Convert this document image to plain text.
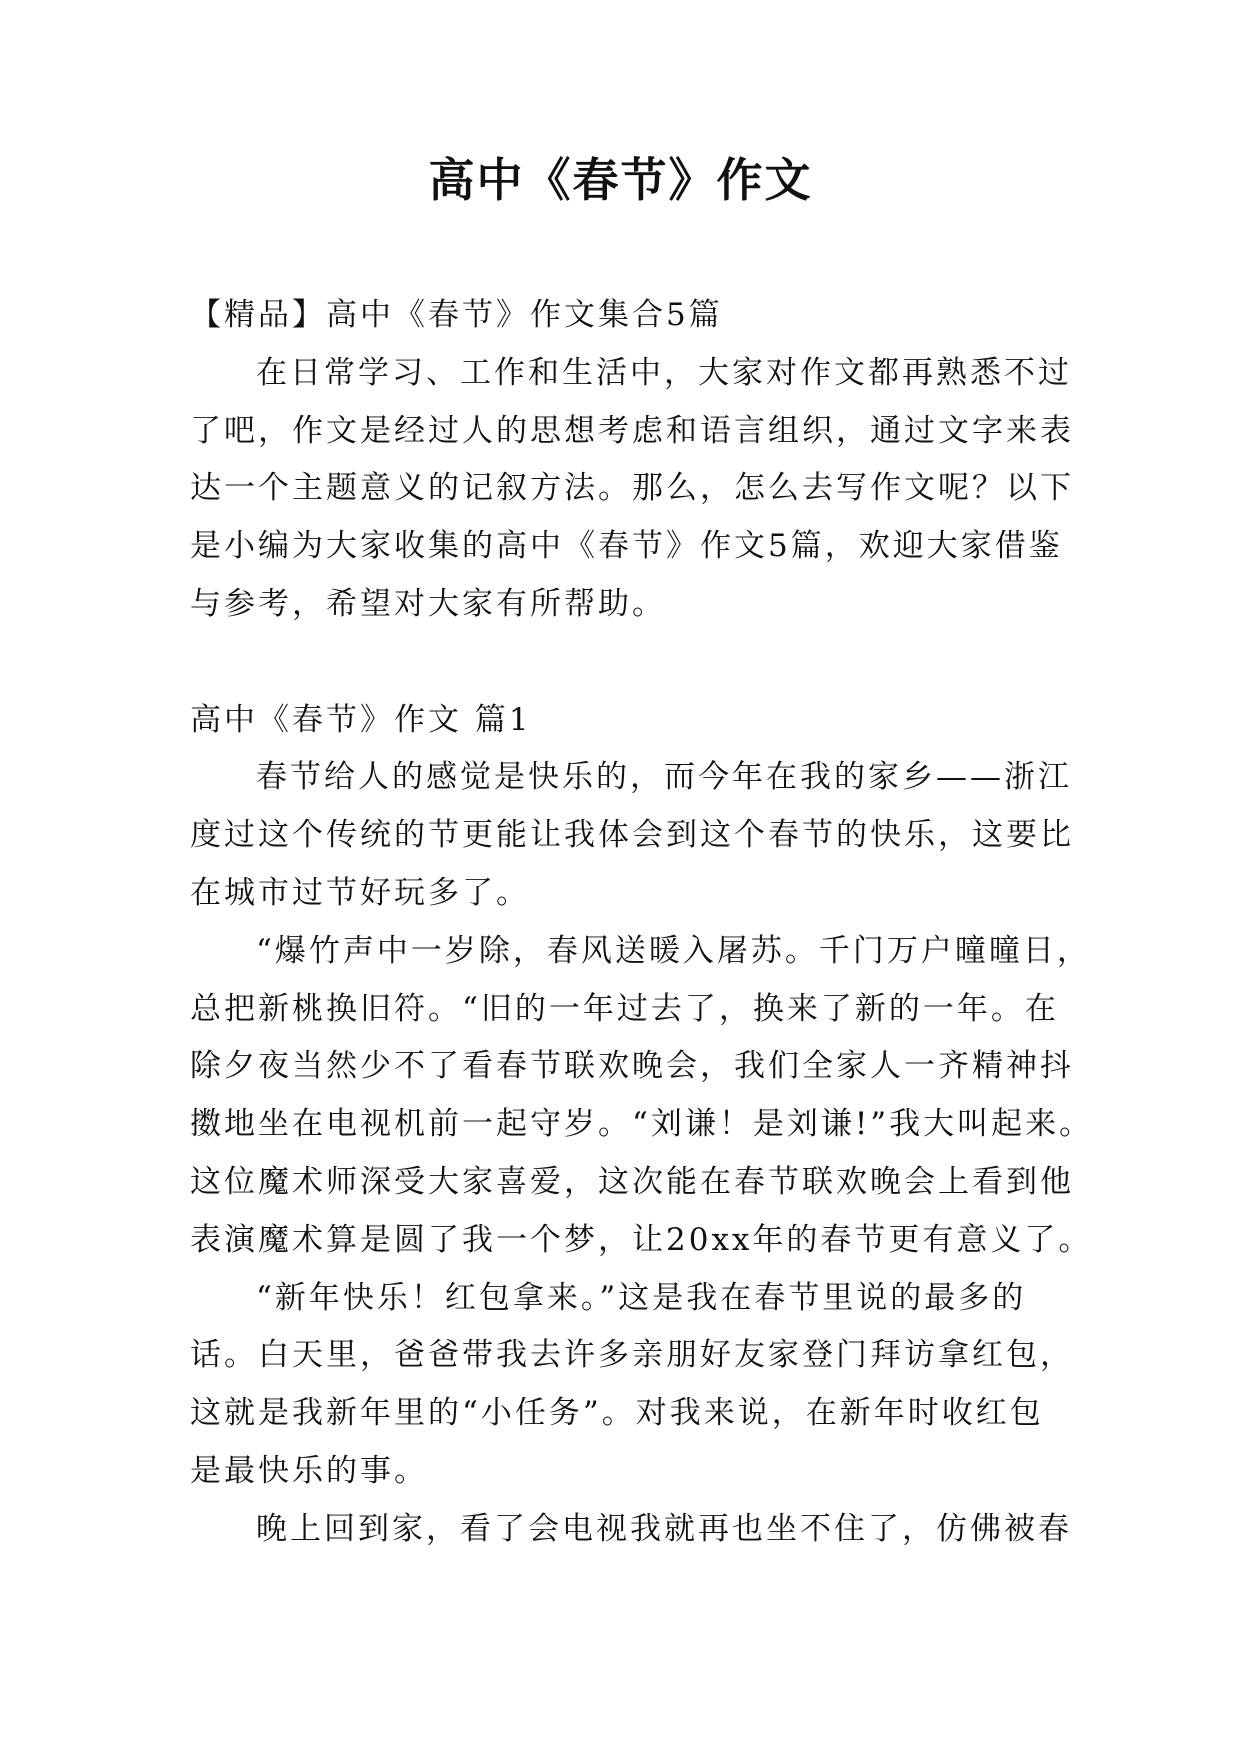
高中《春节》作文
【精品】高中《春节》作文集合5篇
在日常学习、工作和生活中，大家对作文都再熟悉不过
了吧，作文是经过人的思想考虑和语言组织，通过文字来表
达一个主题意义的记叙方法。那么，怎么去写作文呢？以下
是小编为大家收集的高中《春节》作文5篇，欢迎大家借鉴
与参考，希望对大家有所帮助。
高中《春节》作文 篇1
春节给人的感觉是快乐的，而今年在我的家乡——浙江
度过这个传统的节更能让我体会到这个春节的快乐，这要比
在城市过节好玩多了。
“爆竹声中一岁除，春风送暖入屠苏。千门万户曈曈日，
总把新桃换旧符。“旧的一年过去了，换来了新的一年。在
除夕夜当然少不了看春节联欢晚会，我们全家人一齐精神抖
擞地坐在电视机前一起守岁。“刘谦！是刘谦!”我大叫起来。
这位魔术师深受大家喜爱，这次能在春节联欢晚会上看到他
表演魔术算是圆了我一个梦，让20xx年的春节更有意义了。
“新年快乐！红包拿来。”这是我在春节里说的最多的
话。白天里，爸爸带我去许多亲朋好友家登门拜访拿红包，
这就是我新年里的“小任务”。对我来说，在新年时收红包
是最快乐的事。
晚上回到家，看了会电视我就再也坐不住了，仿佛被春
